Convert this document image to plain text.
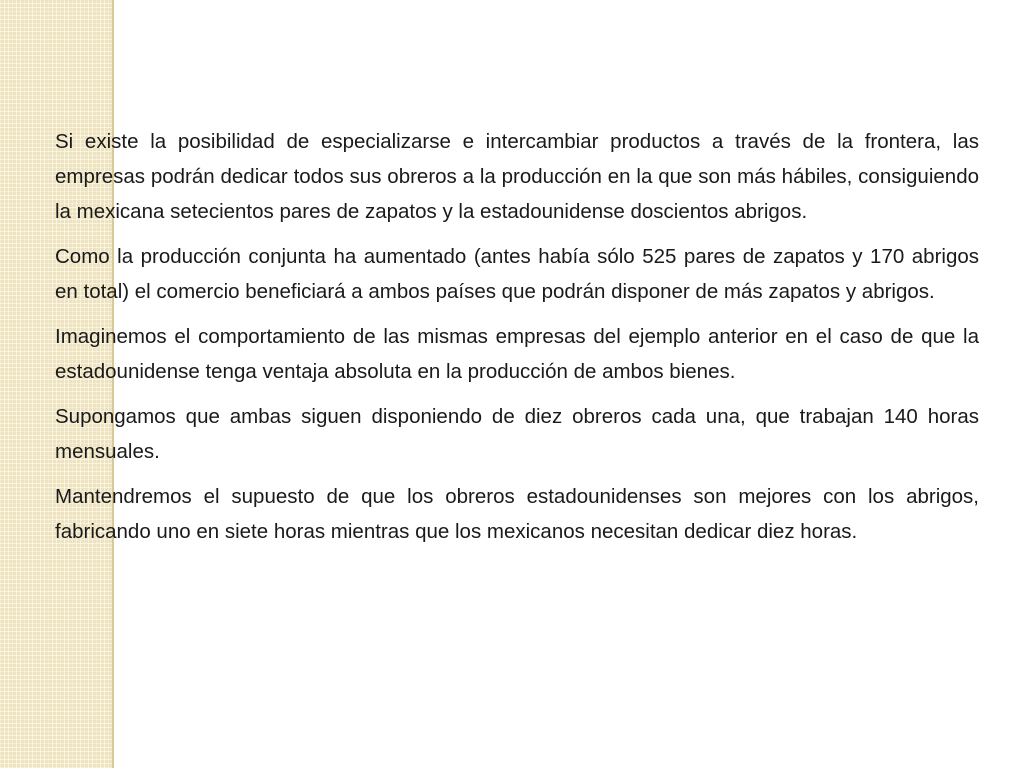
Si existe la posibilidad de especializarse e intercambiar productos a través de la frontera, las empresas podrán dedicar todos sus obreros a la producción en la que son más hábiles, consiguiendo la mexicana setecientos pares de zapatos y la estadounidense doscientos abrigos.

Como la producción conjunta ha aumentado (antes había sólo 525 pares de zapatos y 170 abrigos en total) el comercio beneficiará a ambos países que podrán disponer de más zapatos y abrigos.

Imaginemos el comportamiento de las mismas empresas del ejemplo anterior en el caso de que la estadounidense tenga ventaja absoluta en la producción de ambos bienes.

Supongamos que ambas siguen disponiendo de diez obreros cada una, que trabajan 140 horas mensuales.

Mantendremos el supuesto de que los obreros estadounidenses son mejores con los abrigos, fabricando uno en siete horas mientras que los mexicanos necesitan dedicar diez horas.
